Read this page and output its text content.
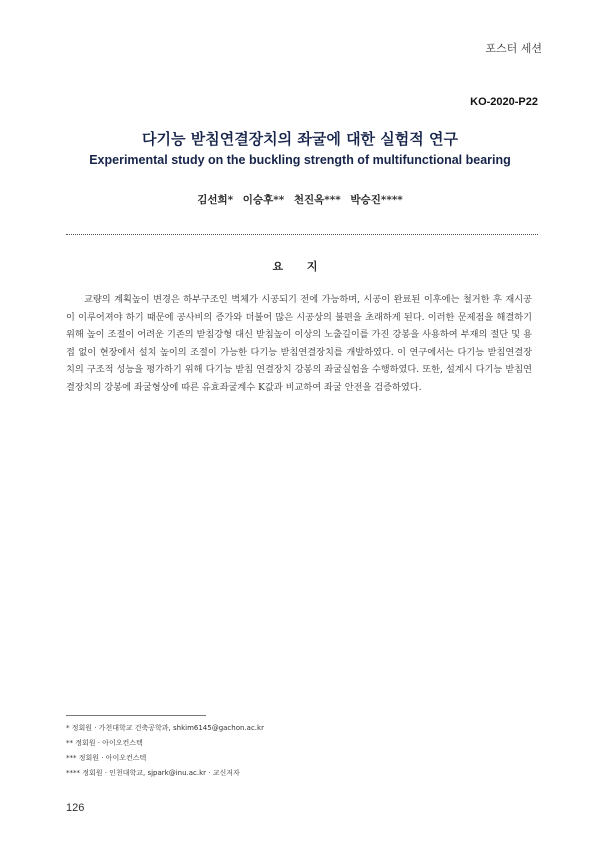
포스터 세션
KO-2020-P22
다기능 받침연결장치의 좌굴에 대한 실험적 연구
Experimental study on the buckling strength of multifunctional bearing
김선희* 이승후** 천진옥*** 박승진****
요 지
교량의 계획높이 변경은 하부구조인 벽체가 시공되기 전에 가능하며, 시공이 완료된 이후에는 철거한 후 재시공이 이루어져야 하기 때문에 공사비의 증가와 더불어 많은 시공상의 불편을 초래하게 된다. 이러한 문제점을 해결하기 위해 높이 조절이 어려운 기존의 받침강형 대신 받침높이 이상의 노출길이를 가진 강봉을 사용하여 부재의 절단 및 용접 없이 현장에서 설치 높이의 조절이 가능한 다기능 받침연결장치를 개발하였다. 이 연구에서는 다기능 받침연결장치의 구조적 성능을 평가하기 위해 다기능 받침 연결장치 강봉의 좌굴실험을 수행하였다. 또한, 설계시 다기능 받침연결장치의 강봉에 좌굴형상에 따른 유효좌굴계수 K값과 비교하여 좌굴 안전을 검증하였다.
* 정회원 · 가천대학교 건축공학과, shkim6145@gachon.ac.kr
** 정회원 · 아이오컨스텍
*** 정회원 · 아이오컨스텍
**** 정회원 · 인천대학교, sjpark@inu.ac.kr · 교신저자
126
